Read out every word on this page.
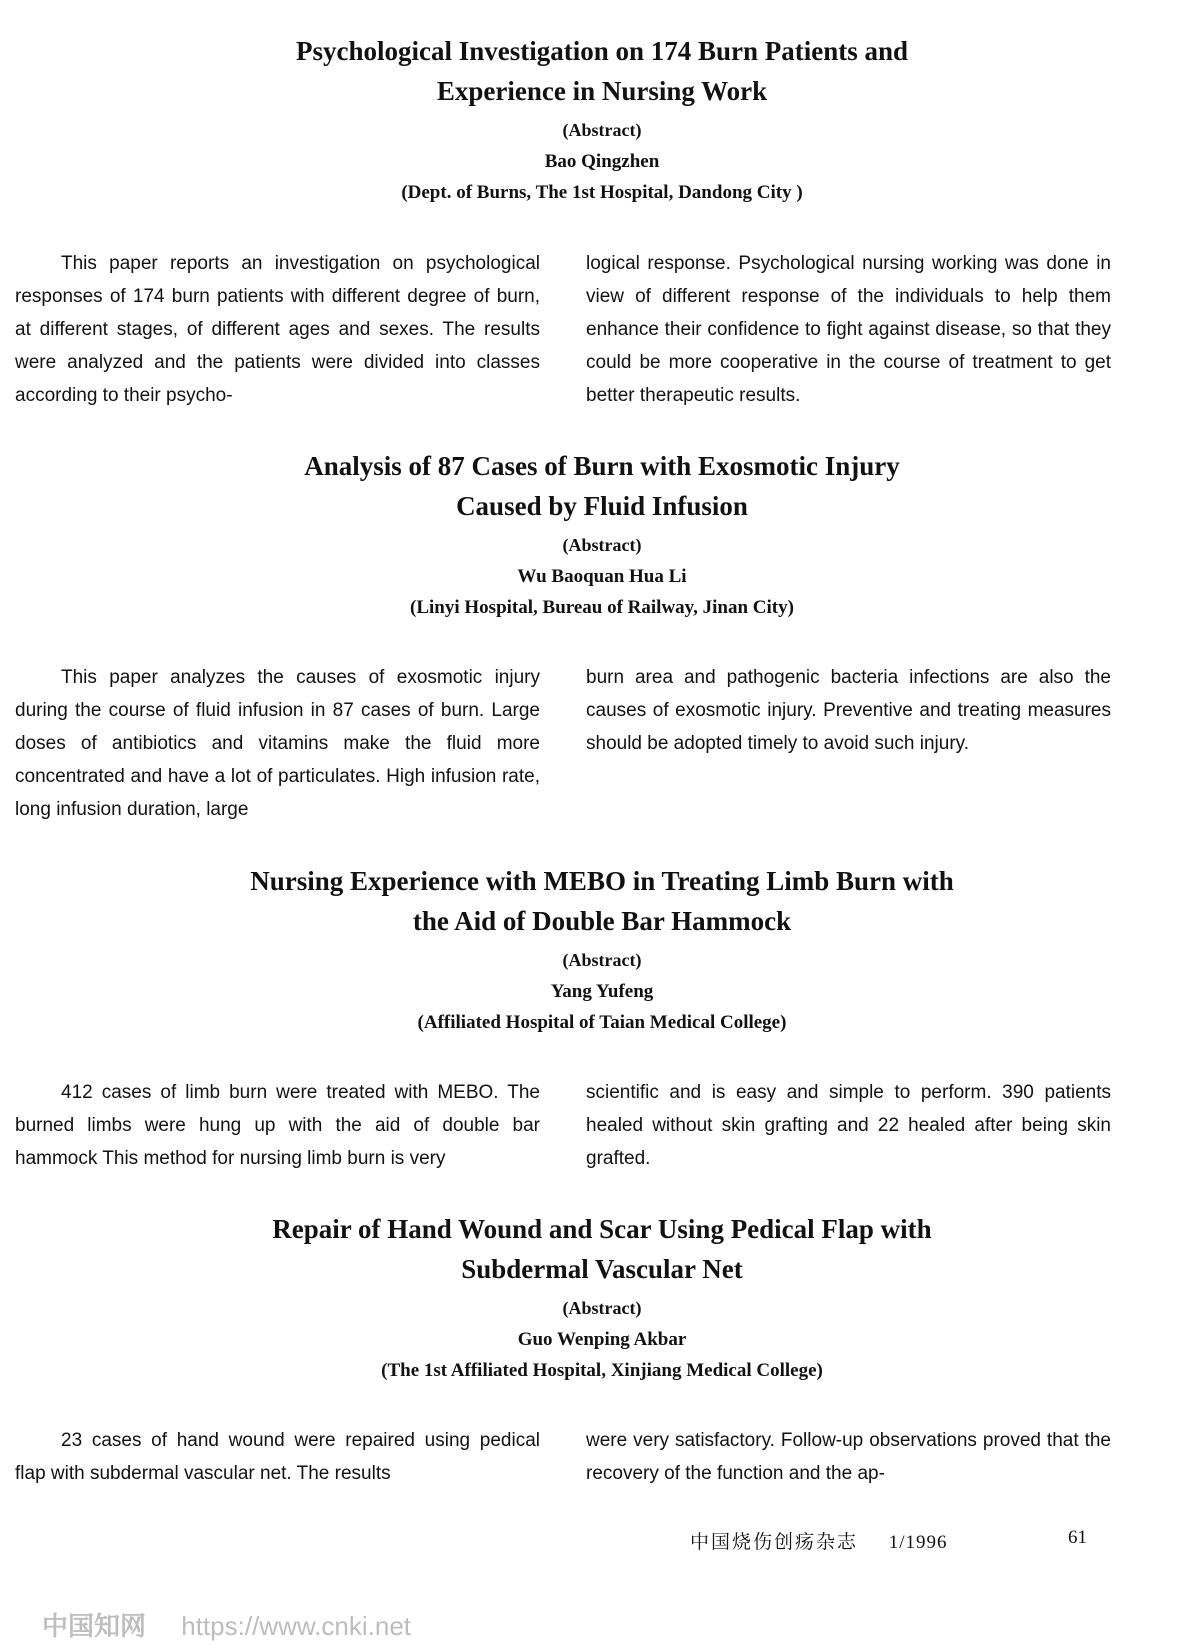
Psychological Investigation on 174 Burn Patients and
Experience in Nursing Work
(Abstract)
Bao Qingzhen
(Dept. of Burns, The 1st Hospital, Dandong City )

This paper reports an investigation on psychological responses of 174 burn patients with different degree of burn, at different stages, of different ages and sexes. The results were analyzed and the patients were divided into classes according to their psycho-

logical response. Psychological nursing working was done in view of different response of the individuals to help them enhance their confidence to fight against disease, so that they could be more cooperative in the course of treatment to get better therapeutic results.

Analysis of 87 Cases of Burn with Exosmotic Injury
Caused by Fluid Infusion
(Abstract)
Wu Baoquan Hua Li
(Linyi Hospital, Bureau of Railway, Jinan City)

This paper analyzes the causes of exosmotic injury during the course of fluid infusion in 87 cases of burn. Large doses of antibiotics and vitamins make the fluid more concentrated and have a lot of particulates. High infusion rate, long infusion duration, large

burn area and pathogenic bacteria infections are also the causes of exosmotic injury. Preventive and treating measures should be adopted timely to avoid such injury.

Nursing Experience with MEBO in Treating Limb Burn with
the Aid of Double Bar Hammock
(Abstract)
Yang Yufeng
(Affiliated Hospital of Taian Medical College)

412 cases of limb burn were treated with MEBO. The burned limbs were hung up with the aid of double bar hammock This method for nursing limb burn is very

scientific and is easy and simple to perform. 390 patients healed without skin grafting and 22 healed after being skin grafted.

Repair of Hand Wound and Scar Using Pedical Flap with
Subdermal Vascular Net
(Abstract)
Guo Wenping Akbar
(The 1st Affiliated Hospital, Xinjiang Medical College)

23 cases of hand wound were repaired using pedical flap with subdermal vascular net. The results

were very satisfactory. Follow-up observations proved that the recovery of the function and the ap-

中国烧伤创疡杂志 1/1996	61
中国知网 https://www.cnki.net
